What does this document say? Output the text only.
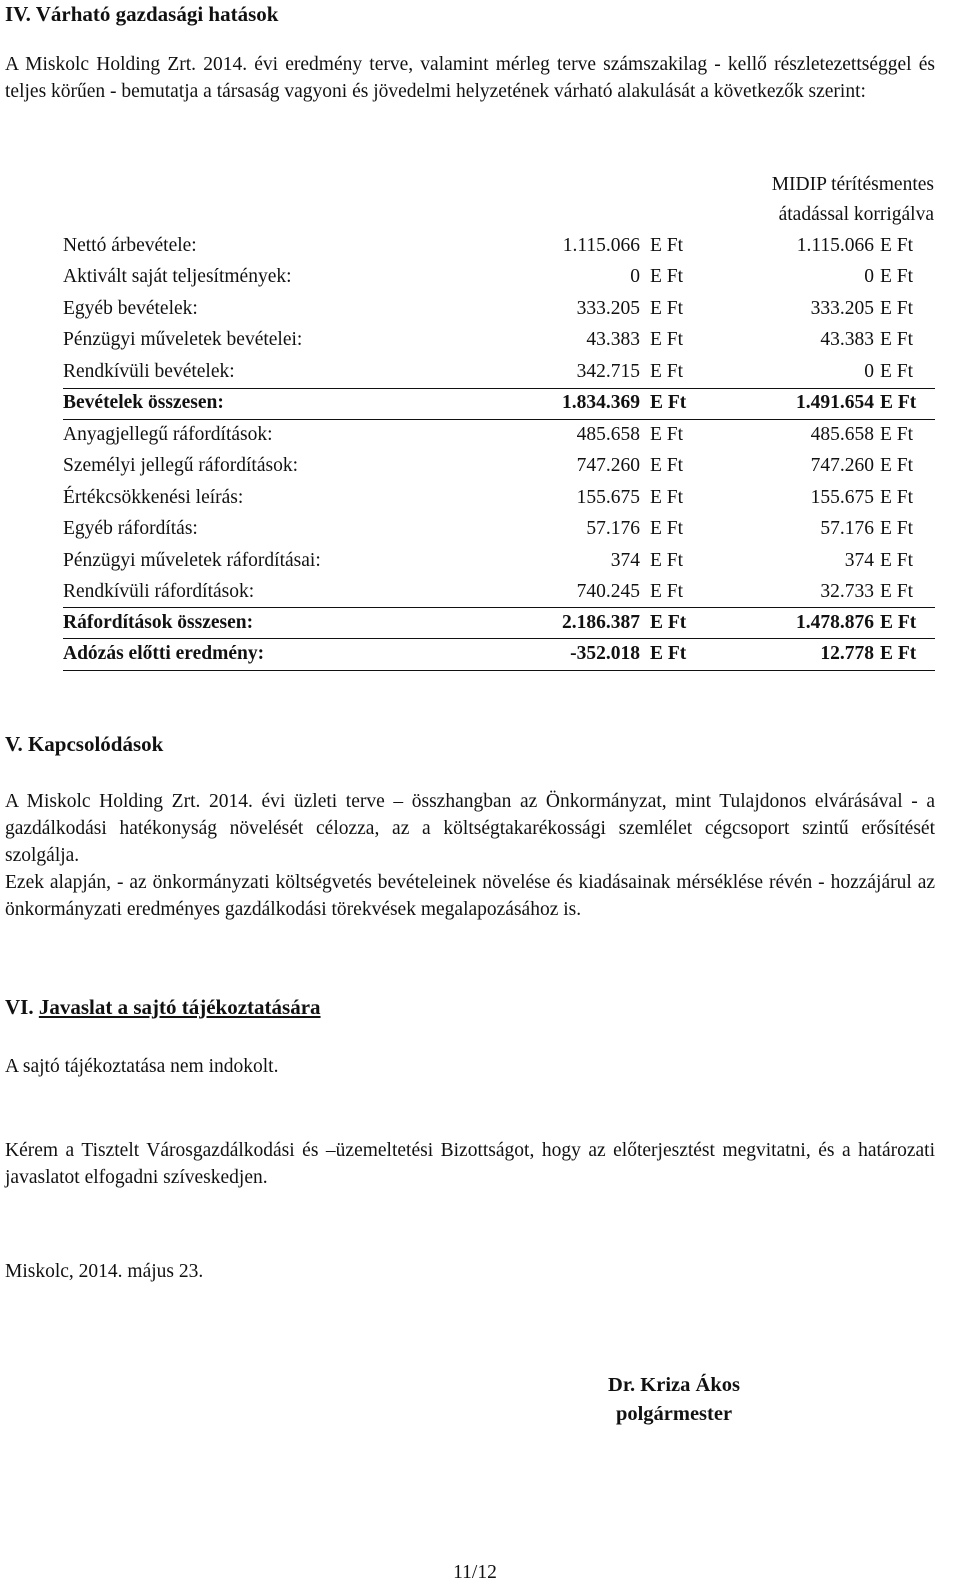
IV. Várható gazdasági hatások
A Miskolc Holding Zrt. 2014. évi eredmény terve, valamint mérleg terve számszakilag - kellő részletezettséggel és teljes körűen - bemutatja a társaság vagyoni és jövedelmi helyzetének várható alakulását a következők szerint:
MIDIP térítésmentes
átadással korrigálva
Nettó árbevétele:	1.115.066 E Ft	1.115.066 E Ft
Aktivált saját teljesítmények:	0 E Ft	0 E Ft
Egyéb bevételek:	333.205 E Ft	333.205 E Ft
Pénzügyi műveletek bevételei:	43.383 E Ft	43.383 E Ft
Rendkívüli bevételek:	342.715 E Ft	0 E Ft
Bevételek összesen:	1.834.369 E Ft	1.491.654 E Ft
Anyagjellegű ráfordítások:	485.658 E Ft	485.658 E Ft
Személyi jellegű ráfordítások:	747.260 E Ft	747.260 E Ft
Értékcsökkenési leírás:	155.675 E Ft	155.675 E Ft
Egyéb ráfordítás:	57.176 E Ft	57.176 E Ft
Pénzügyi műveletek ráfordításai:	374 E Ft	374 E Ft
Rendkívüli ráfordítások:	740.245 E Ft	32.733 E Ft
Ráfordítások összesen:	2.186.387 E Ft	1.478.876 E Ft
Adózás előtti eredmény:	-352.018 E Ft	12.778 E Ft
V. Kapcsolódások
A Miskolc Holding Zrt. 2014. évi üzleti terve – összhangban az Önkormányzat, mint Tulajdonos elvárásával - a gazdálkodási hatékonyság növelését célozza, az a költségtakarékossági szemlélet cégcsoport szintű erősítését szolgálja.
Ezek alapján, - az önkormányzati költségvetés bevételeinek növelése és kiadásainak mérséklése révén - hozzájárul az önkormányzati eredményes gazdálkodási törekvések megalapozásához is.
VI. Javaslat a sajtó tájékoztatására
A sajtó tájékoztatása nem indokolt.
Kérem a Tisztelt Városgazdálkodási és –üzemeltetési Bizottságot, hogy az előterjesztést megvitatni, és a határozati javaslatot elfogadni szíveskedjen.
Miskolc, 2014. május 23.
Dr. Kriza Ákos
polgármester
11/12
